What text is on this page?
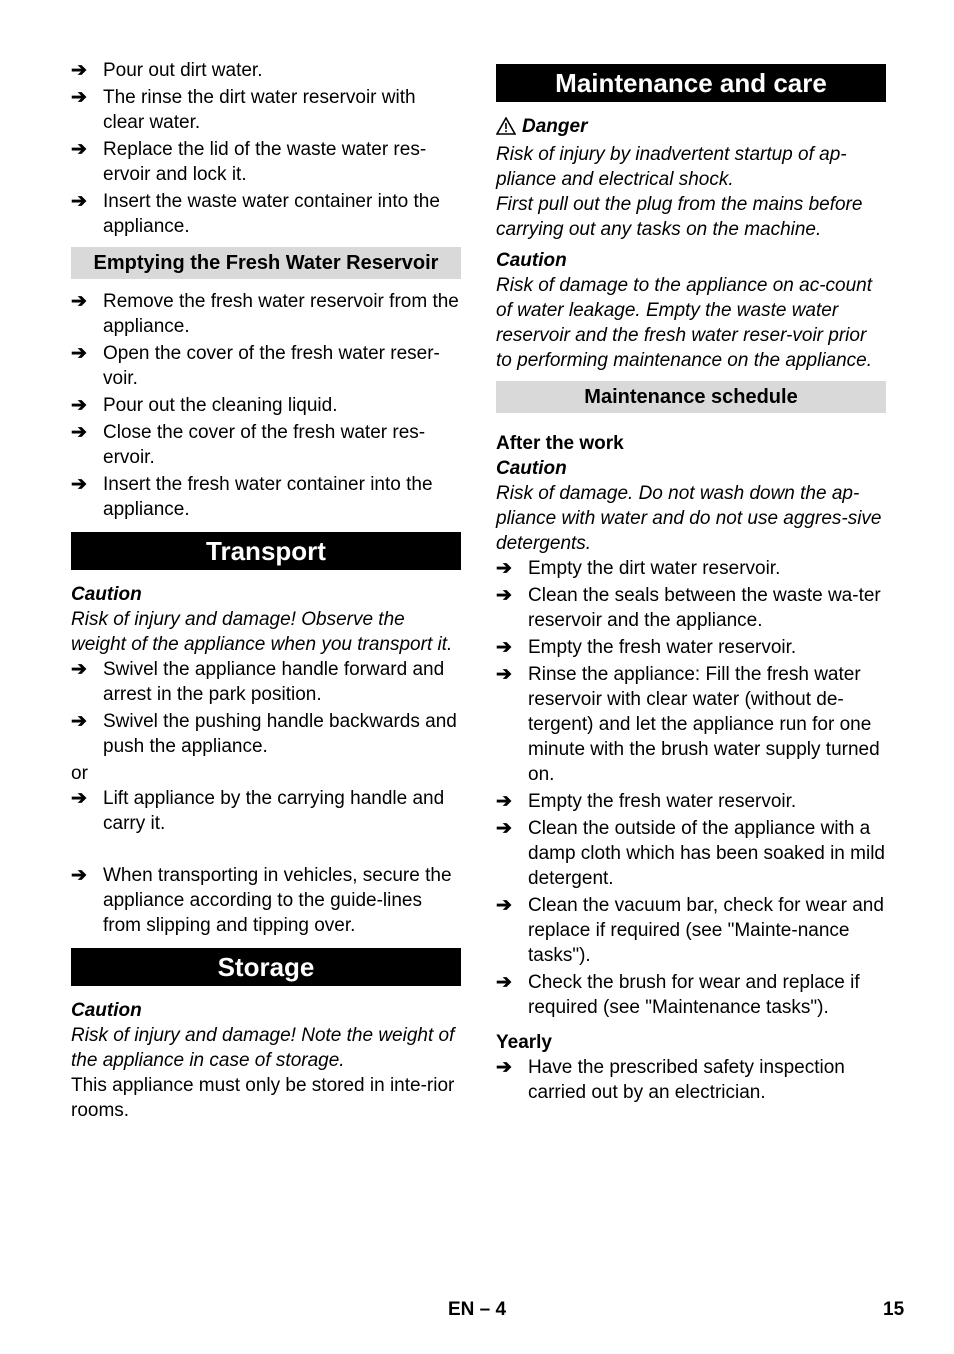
➔ Pour out dirt water.
➔ The rinse the dirt water reservoir with clear water.
➔ Replace the lid of the waste water res-ervoir and lock it.
➔ Insert the waste water container into the appliance.
Emptying the Fresh Water Reservoir
➔ Remove the fresh water reservoir from the appliance.
➔ Open the cover of the fresh water reser-voir.
➔ Pour out the cleaning liquid.
➔ Close the cover of the fresh water res-ervoir.
➔ Insert the fresh water container into the appliance.
Transport
Caution
Risk of injury and damage! Observe the weight of the appliance when you transport it.
➔ Swivel the appliance handle forward and arrest in the park position.
➔ Swivel the pushing handle backwards and push the appliance.
or
➔ Lift appliance by the carrying handle and carry it.
➔ When transporting in vehicles, secure the appliance according to the guide-lines from slipping and tipping over.
Storage
Caution
Risk of injury and damage! Note the weight of the appliance in case of storage.
This appliance must only be stored in inte-rior rooms.
Maintenance and care
Danger
Risk of injury by inadvertent startup of ap-pliance and electrical shock.
First pull out the plug from the mains before carrying out any tasks on the machine.
Caution
Risk of damage to the appliance on ac-count of water leakage. Empty the waste water reservoir and the fresh water reser-voir prior to performing maintenance on the appliance.
Maintenance schedule
After the work
Caution
Risk of damage. Do not wash down the ap-pliance with water and do not use aggres-sive detergents.
➔ Empty the dirt water reservoir.
➔ Clean the seals between the waste wa-ter reservoir and the appliance.
➔ Empty the fresh water reservoir.
➔ Rinse the appliance: Fill the fresh water reservoir with clear water (without de-tergent) and let the appliance run for one minute with the brush water supply turned on.
➔ Empty the fresh water reservoir.
➔ Clean the outside of the appliance with a damp cloth which has been soaked in mild detergent.
➔ Clean the vacuum bar, check for wear and replace if required (see "Mainte-nance tasks").
➔ Check the brush for wear and replace if required (see "Maintenance tasks").
Yearly
➔ Have the prescribed safety inspection carried out by an electrician.
EN – 4	15
